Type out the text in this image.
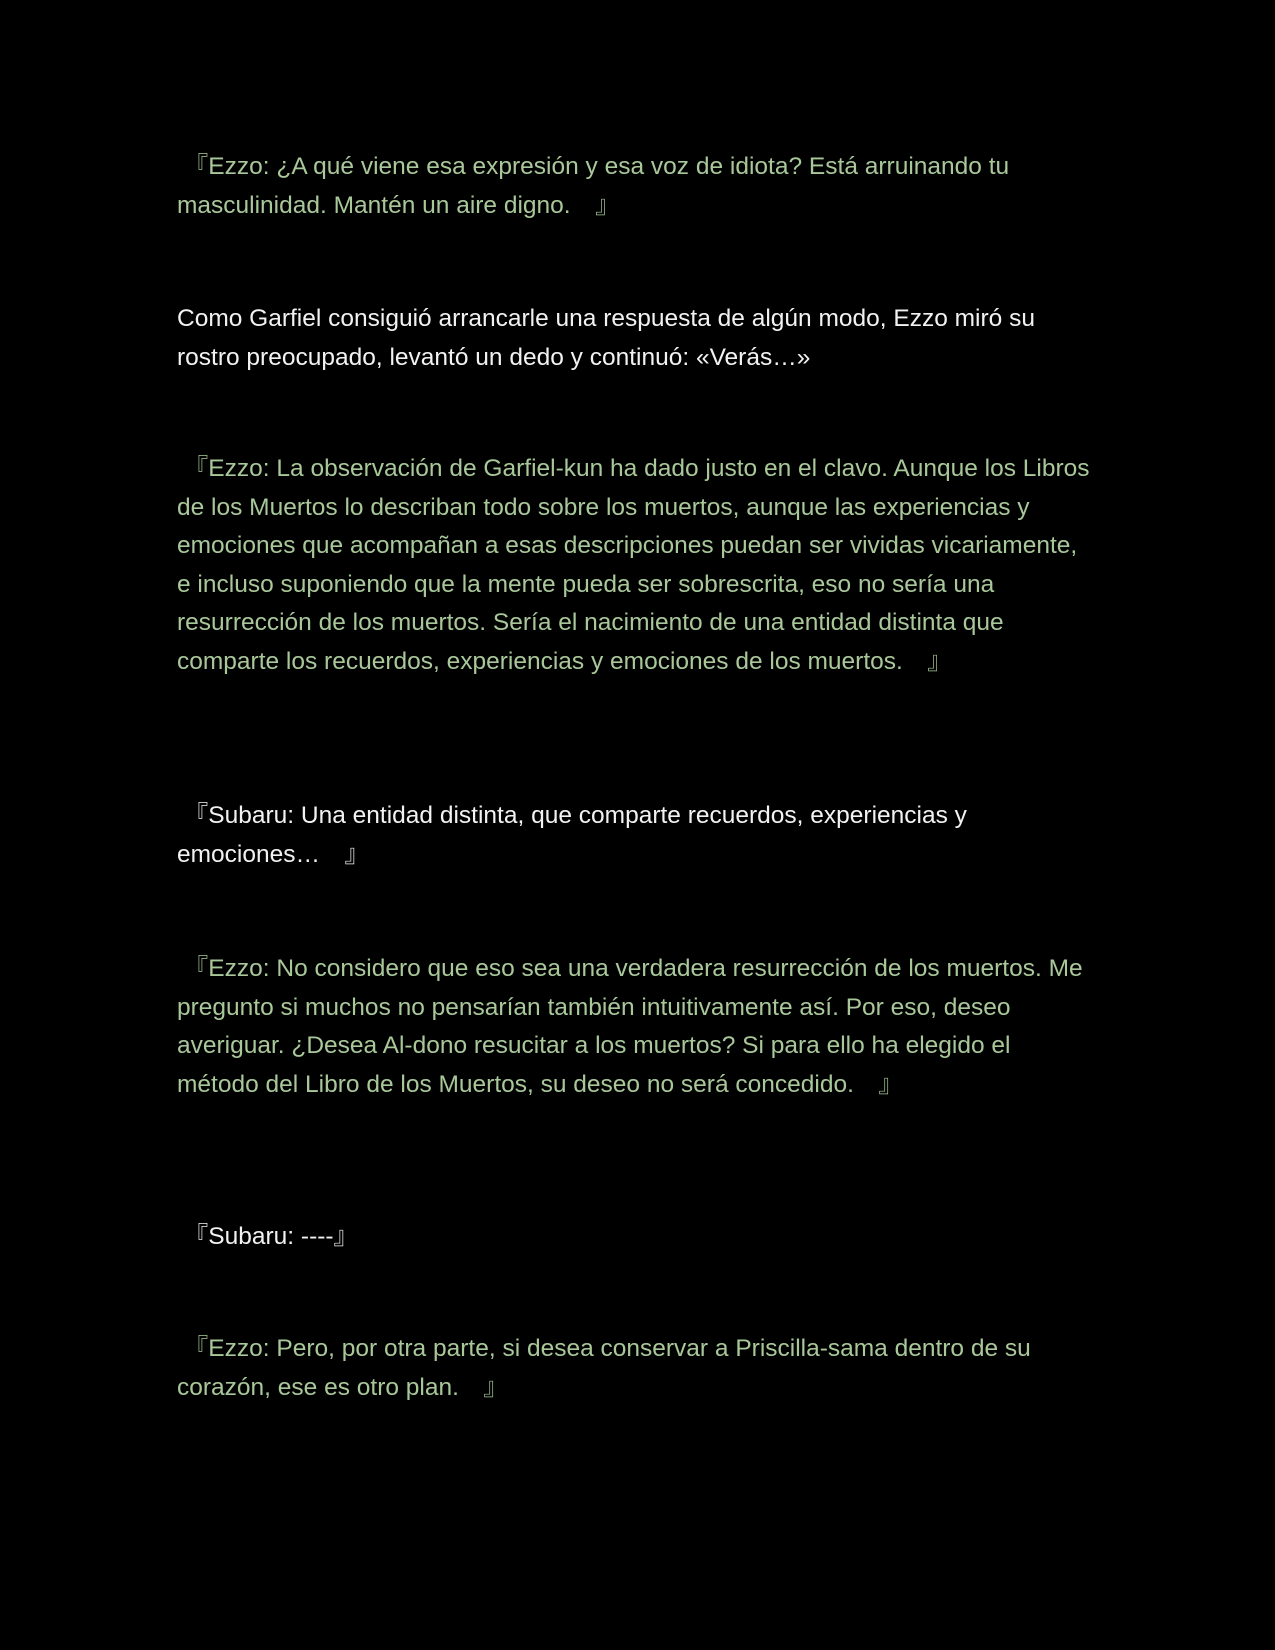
『Ezzo: ¿A qué viene esa expresión y esa voz de idiota? Está arruinando tu masculinidad. Mantén un aire digno.　』

Como Garfiel consiguió arrancarle una respuesta de algún modo, Ezzo miró su rostro preocupado, levantó un dedo y continuó: «Verás…»

『Ezzo: La observación de Garfiel-kun ha dado justo en el clavo. Aunque los Libros de los Muertos lo describan todo sobre los muertos, aunque las experiencias y emociones que acompañan a esas descripciones puedan ser vividas vicariamente, e incluso suponiendo que la mente pueda ser sobrescrita, eso no sería una resurrección de los muertos. Sería el nacimiento de una entidad distinta que comparte los recuerdos, experiencias y emociones de los muertos.　』

『Subaru: Una entidad distinta, que comparte recuerdos, experiencias y emociones…　』

『Ezzo: No considero que eso sea una verdadera resurrección de los muertos. Me pregunto si muchos no pensarían también intuitivamente así. Por eso, deseo averiguar. ¿Desea Al-dono resucitar a los muertos? Si para ello ha elegido el método del Libro de los Muertos, su deseo no será concedido.　』

『Subaru: ----』

『Ezzo: Pero, por otra parte, si desea conservar a Priscilla-sama dentro de su corazón, ese es otro plan.　』
